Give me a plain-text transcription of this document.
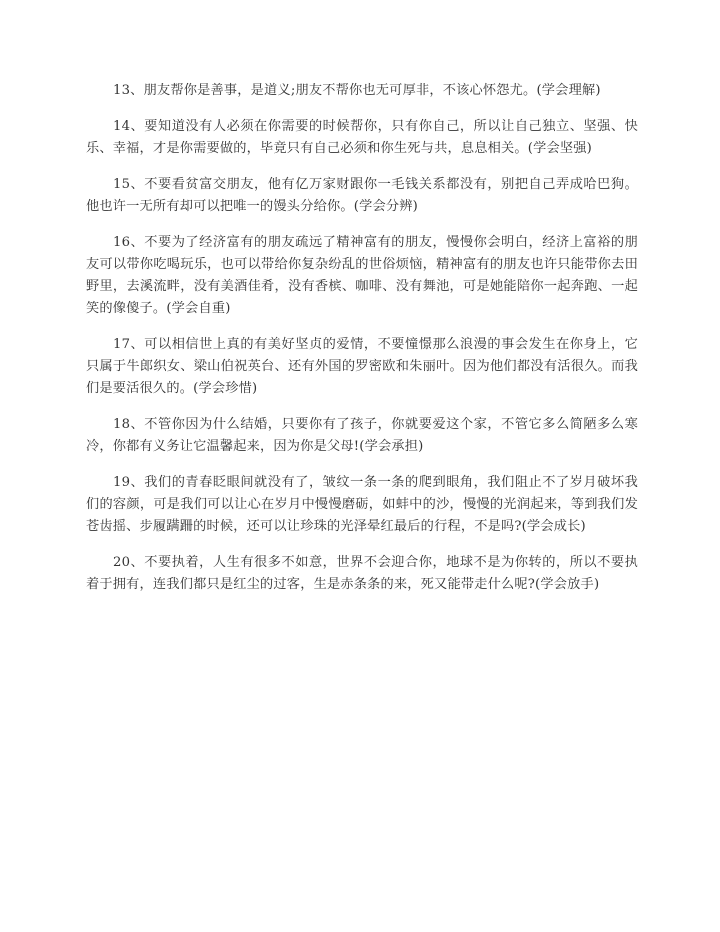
13、朋友帮你是善事，是道义;朋友不帮你也无可厚非，不该心怀怨尤。(学会理解)

14、要知道没有人必须在你需要的时候帮你，只有你自己，所以让自己独立、坚强、快乐、幸福，才是你需要做的，毕竟只有自己必须和你生死与共，息息相关。(学会坚强)

15、不要看贫富交朋友，他有亿万家财跟你一毛钱关系都没有，别把自己弄成哈巴狗。他也许一无所有却可以把唯一的馒头分给你。(学会分辨)

16、不要为了经济富有的朋友疏远了精神富有的朋友，慢慢你会明白，经济上富裕的朋友可以带你吃喝玩乐，也可以带给你复杂纷乱的世俗烦恼，精神富有的朋友也许只能带你去田野里，去溪流畔，没有美酒佳肴，没有香槟、咖啡、没有舞池，可是她能陪你一起奔跑、一起笑的像傻子。(学会自重)

17、可以相信世上真的有美好坚贞的爱情，不要憧憬那么浪漫的事会发生在你身上，它只属于牛郎织女、梁山伯祝英台、还有外国的罗密欧和朱丽叶。因为他们都没有活很久。而我们是要活很久的。(学会珍惜)

18、不管你因为什么结婚，只要你有了孩子，你就要爱这个家，不管它多么简陋多么寒冷，你都有义务让它温馨起来，因为你是父母!(学会承担)

19、我们的青春眨眼间就没有了，皱纹一条一条的爬到眼角，我们阻止不了岁月破坏我们的容颜，可是我们可以让心在岁月中慢慢磨砺，如蚌中的沙，慢慢的光润起来，等到我们发苍齿摇、步履蹒跚的时候，还可以让珍珠的光泽晕红最后的行程，不是吗?(学会成长)

20、不要执着，人生有很多不如意，世界不会迎合你，地球不是为你转的，所以不要执着于拥有，连我们都只是红尘的过客，生是赤条条的来，死又能带走什么呢?(学会放手)
